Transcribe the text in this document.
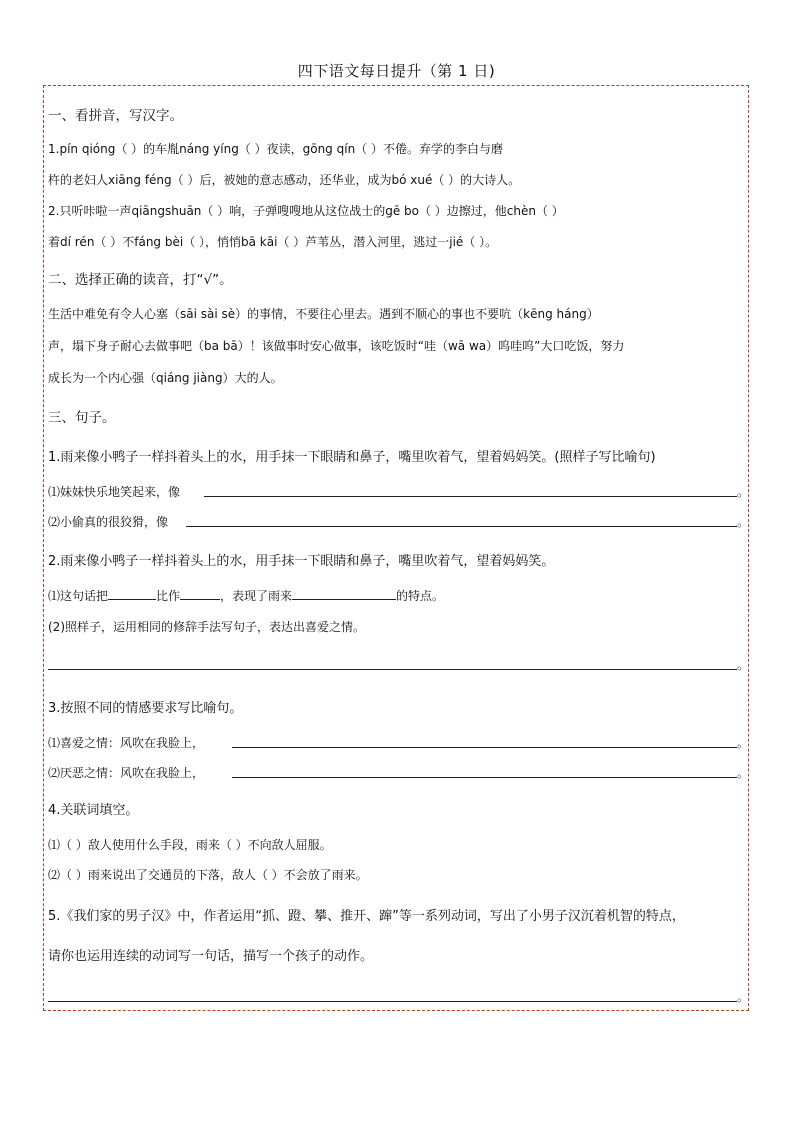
四下语文每日提升（第 1 日)
一、看拼音，写汉字。
1.pín qióng（ ）的车胤náng yíng（ ）夜读，gōng qín（ ）不倦。弃学的李白与磨
杵的老妇人xiāng féng（ ）后，被她的意志感动，还华业，成为bó xué（ ）的大诗人。
2.只听咔啦一声qiāngshuān（ ）响，子弹嗖嗖地从这位战士的gē bo（ ）边擦过，他chèn（ ）
着dí rén（ ）不fáng bèi（ ），悄悄bā kāi（ ）芦苇丛，潜入河里，逃过一jié（ ）。
二、选择正确的读音，打“√”。
生活中难免有令人心塞（sāi sài sè）的事情，不要往心里去。遇到不顺心的事也不要吭（kēng háng）
声，塌下身子耐心去做事吧（ba bā）！该做事时安心做事，该吃饭时“哇（wā wa）呜哇呜”大口吃饭，努力
成长为一个内心强（qiáng jiàng）大的人。
三、句子。
1.雨来像小鸭子一样抖着头上的水，用手抹一下眼睛和鼻子，嘴里吹着气，望着妈妈笑。(照样子写比喻句)
⑴妹妹快乐地笑起来，像	。
⑵小偷真的很狡猾，像	。
2.雨来像小鸭子一样抖着头上的水，用手抹一下眼睛和鼻子，嘴里吹着气，望着妈妈笑。
⑴这句话把	比作	，表现了雨来	的特点。
(2)照样子，运用相同的修辞手法写句子，表达出喜爱之情。
。
3.按照不同的情感要求写比喻句。
⑴喜爱之情：风吹在我脸上，	。
⑵厌恶之情：风吹在我脸上，	。
4.关联词填空。
⑴（ ）敌人使用什么手段，雨来（ ）不向敌人屈服。
⑵（ ）雨来说出了交通员的下落，敌人（ ）不会放了雨来。
5.《我们家的男子汉》中，作者运用“抓、蹬、攀、推开、蹿”等一系列动词，写出了小男子汉沉着机智的特点，
请你也运用连续的动词写一句话，描写一个孩子的动作。
。
